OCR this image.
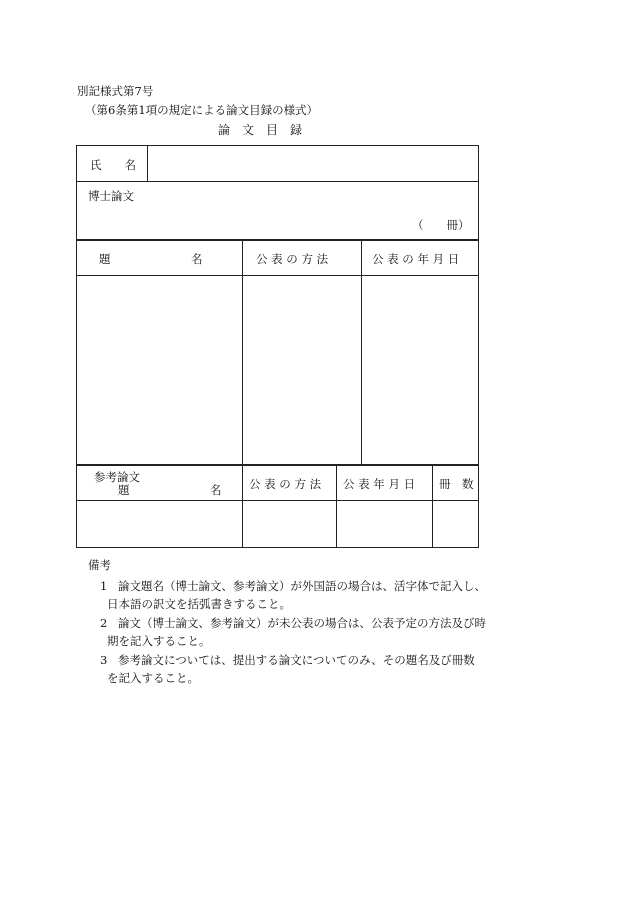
別記様式第7号
（第6条第1項の規定による論文目録の様式）
論　文　目　録
氏　　名
博士論文
（　　冊）
題　　　　　　　名	公 表 の 方 法	公 表 の 年 月 日
参考論文
題　　　　　　　名 公 表 の 方 法 公 表 年 月 日 冊　数
備考
1 論文題名（博士論文、参考論文）が外国語の場合は、活字体で記入し、
日本語の訳文を括弧書きすること。
2 論文（博士論文、参考論文）が未公表の場合は、公表予定の方法及び時
期を記入すること。
3 参考論文については、提出する論文についてのみ、その題名及び冊数
を記入すること。
